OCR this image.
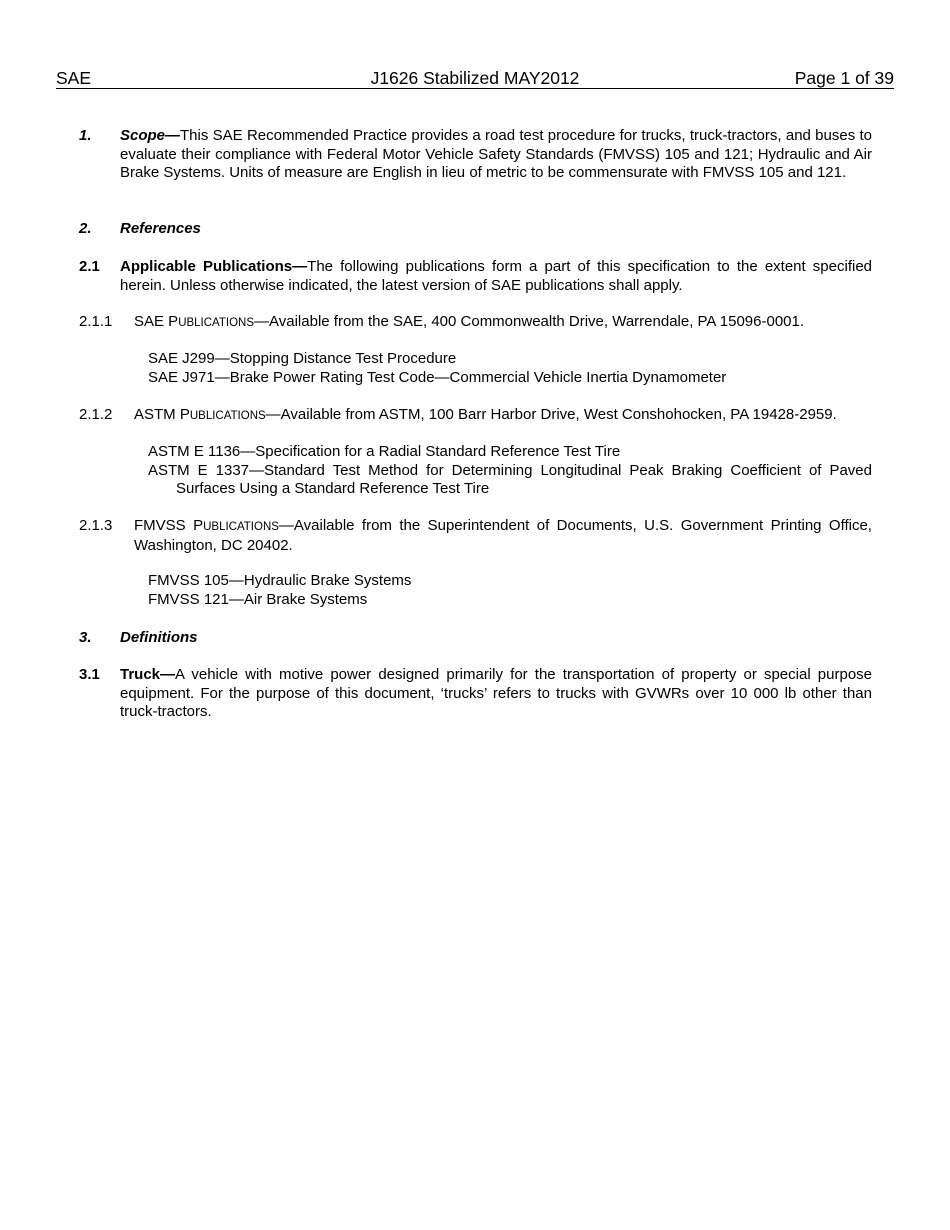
SAE	J1626 Stabilized MAY2012	Page 1 of 39
1. Scope—This SAE Recommended Practice provides a road test procedure for trucks, truck-tractors, and buses to evaluate their compliance with Federal Motor Vehicle Safety Standards (FMVSS) 105 and 121; Hydraulic and Air Brake Systems. Units of measure are English in lieu of metric to be commensurate with FMVSS 105 and 121.
2. References
2.1 Applicable Publications—The following publications form a part of this specification to the extent specified herein. Unless otherwise indicated, the latest version of SAE publications shall apply.
2.1.1 SAE PUBLICATIONS—Available from the SAE, 400 Commonwealth Drive, Warrendale, PA 15096-0001.
SAE J299—Stopping Distance Test Procedure
SAE J971—Brake Power Rating Test Code—Commercial Vehicle Inertia Dynamometer
2.1.2 ASTM PUBLICATIONS—Available from ASTM, 100 Barr Harbor Drive, West Conshohocken, PA 19428-2959.
ASTM E 1136—Specification for a Radial Standard Reference Test Tire
ASTM E 1337—Standard Test Method for Determining Longitudinal Peak Braking Coefficient of Paved Surfaces Using a Standard Reference Test Tire
2.1.3 FMVSS PUBLICATIONS—Available from the Superintendent of Documents, U.S. Government Printing Office, Washington, DC 20402.
FMVSS 105—Hydraulic Brake Systems
FMVSS 121—Air Brake Systems
3. Definitions
3.1 Truck—A vehicle with motive power designed primarily for the transportation of property or special purpose equipment. For the purpose of this document, ‘trucks’ refers to trucks with GVWRs over 10 000 lb other than truck-tractors.
